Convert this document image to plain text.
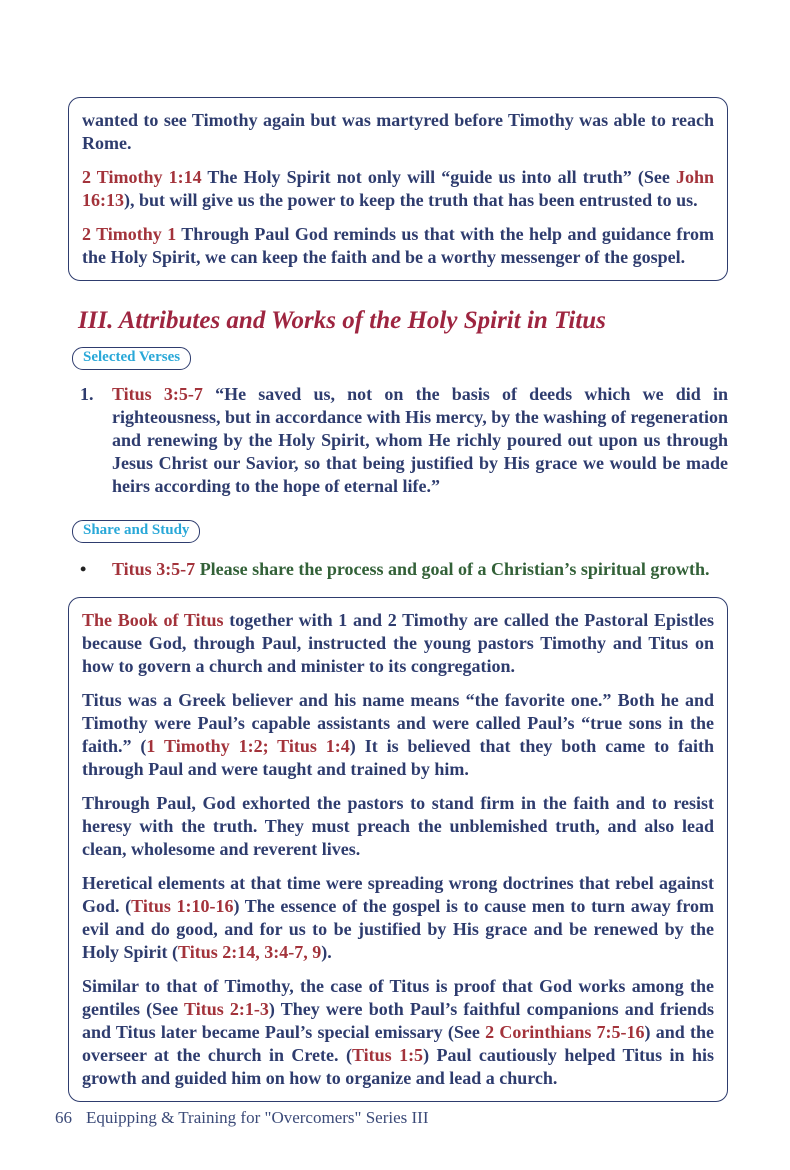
wanted to see Timothy again but was martyred before Timothy was able to reach Rome.

2 Timothy 1:14 The Holy Spirit not only will “guide us into all truth” (See John 16:13), but will give us the power to keep the truth that has been entrusted to us.

2 Timothy 1 Through Paul God reminds us that with the help and guidance from the Holy Spirit, we can keep the faith and be a worthy messenger of the gospel.

III. Attributes and Works of the Holy Spirit in Titus
Selected Verses
1.	Titus 3:5-7 “He saved us, not on the basis of deeds which we did in righteousness, but in accordance with His mercy, by the washing of regeneration and renewing by the Holy Spirit, whom He richly poured out upon us through Jesus Christ our Savior, so that being justified by His grace we would be made heirs according to the hope of eternal life.”

Share and Study
•	Titus 3:5-7 Please share the process and goal of a Christian’s spiritual growth.

The Book of Titus together with 1 and 2 Timothy are called the Pastoral Epistles because God, through Paul, instructed the young pastors Timothy and Titus on how to govern a church and minister to its congregation.

Titus was a Greek believer and his name means “the favorite one.” Both he and Timothy were Paul’s capable assistants and were called Paul’s “true sons in the faith.” (1 Timothy 1:2; Titus 1:4) It is believed that they both came to faith through Paul and were taught and trained by him.

Through Paul, God exhorted the pastors to stand firm in the faith and to resist heresy with the truth. They must preach the unblemished truth, and also lead clean, wholesome and reverent lives.

Heretical elements at that time were spreading wrong doctrines that rebel against God. (Titus 1:10-16) The essence of the gospel is to cause men to turn away from evil and do good, and for us to be justified by His grace and be renewed by the Holy Spirit (Titus 2:14, 3:4-7, 9).

Similar to that of Timothy, the case of Titus is proof that God works among the gentiles (See Titus 2:1-3) They were both Paul’s faithful companions and friends and Titus later became Paul’s special emissary (See 2 Corinthians 7:5-16) and the overseer at the church in Crete. (Titus 1:5) Paul cautiously helped Titus in his growth and guided him on how to organize and lead a church.

66 Equipping & Training for "Overcomers" Series III
